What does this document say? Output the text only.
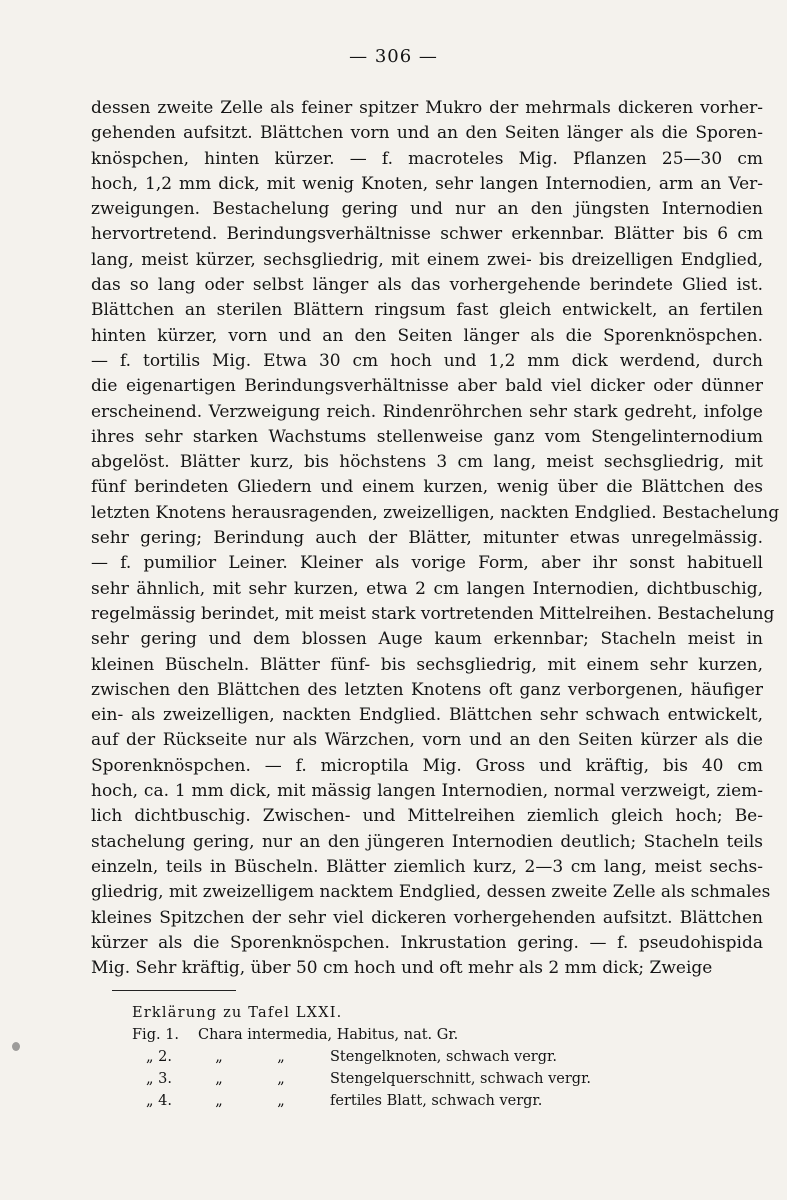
— 306 —
dessen zweite Zelle als feiner spitzer Mukro der mehrmals dickeren vorher-
gehenden aufsitzt. Blättchen vorn und an den Seiten länger als die Sporen-
knöspchen, hinten kürzer. — f. macroteles Mig. Pflanzen 25—30 cm
hoch, 1,2 mm dick, mit wenig Knoten, sehr langen Internodien, arm an Ver-
zweigungen. Bestachelung gering und nur an den jüngsten Internodien
hervortretend. Berindungsverhältnisse schwer erkennbar. Blätter bis 6 cm
lang, meist kürzer, sechsgliedrig, mit einem zwei- bis dreizelligen Endglied,
das so lang oder selbst länger als das vorhergehende berindete Glied ist.
Blättchen an sterilen Blättern ringsum fast gleich entwickelt, an fertilen
hinten kürzer, vorn und an den Seiten länger als die Sporenknöspchen.
— f. tortilis Mig. Etwa 30 cm hoch und 1,2 mm dick werdend, durch
die eigenartigen Berindungsverhältnisse aber bald viel dicker oder dünner
erscheinend. Verzweigung reich. Rindenröhrchen sehr stark gedreht, infolge
ihres sehr starken Wachstums stellenweise ganz vom Stengelinternodium
abgelöst. Blätter kurz, bis höchstens 3 cm lang, meist sechsgliedrig, mit
fünf berindeten Gliedern und einem kurzen, wenig über die Blättchen des
letzten Knotens herausragenden, zweizelligen, nackten Endglied. Bestachelung
sehr gering; Berindung auch der Blätter, mitunter etwas unregelmässig.
— f. pumilior Leiner. Kleiner als vorige Form, aber ihr sonst habituell
sehr ähnlich, mit sehr kurzen, etwa 2 cm langen Internodien, dichtbuschig,
regelmässig berindet, mit meist stark vortretenden Mittelreihen. Bestachelung
sehr gering und dem blossen Auge kaum erkennbar; Stacheln meist in
kleinen Büscheln. Blätter fünf- bis sechsgliedrig, mit einem sehr kurzen,
zwischen den Blättchen des letzten Knotens oft ganz verborgenen, häufiger
ein- als zweizelligen, nackten Endglied. Blättchen sehr schwach entwickelt,
auf der Rückseite nur als Wärzchen, vorn und an den Seiten kürzer als die
Sporenknöspchen. — f. microptila Mig. Gross und kräftig, bis 40 cm
hoch, ca. 1 mm dick, mit mässig langen Internodien, normal verzweigt, ziem-
lich dichtbuschig. Zwischen- und Mittelreihen ziemlich gleich hoch; Be-
stachelung gering, nur an den jüngeren Internodien deutlich; Stacheln teils
einzeln, teils in Büscheln. Blätter ziemlich kurz, 2—3 cm lang, meist sechs-
gliedrig, mit zweizelligem nacktem Endglied, dessen zweite Zelle als schmales
kleines Spitzchen der sehr viel dickeren vorhergehenden aufsitzt. Blättchen
kürzer als die Sporenknöspchen. Inkrustation gering. — f. pseudohispida
Mig. Sehr kräftig, über 50 cm hoch und oft mehr als 2 mm dick; Zweige
Erklärung zu Tafel LXXI.
Fig. 1.	Chara intermedia, Habitus, nat. Gr.
„ 2.	„	„	Stengelknoten, schwach vergr.
„ 3.	„	„	Stengelquerschnitt, schwach vergr.
„ 4.	„	„	fertiles Blatt, schwach vergr.
